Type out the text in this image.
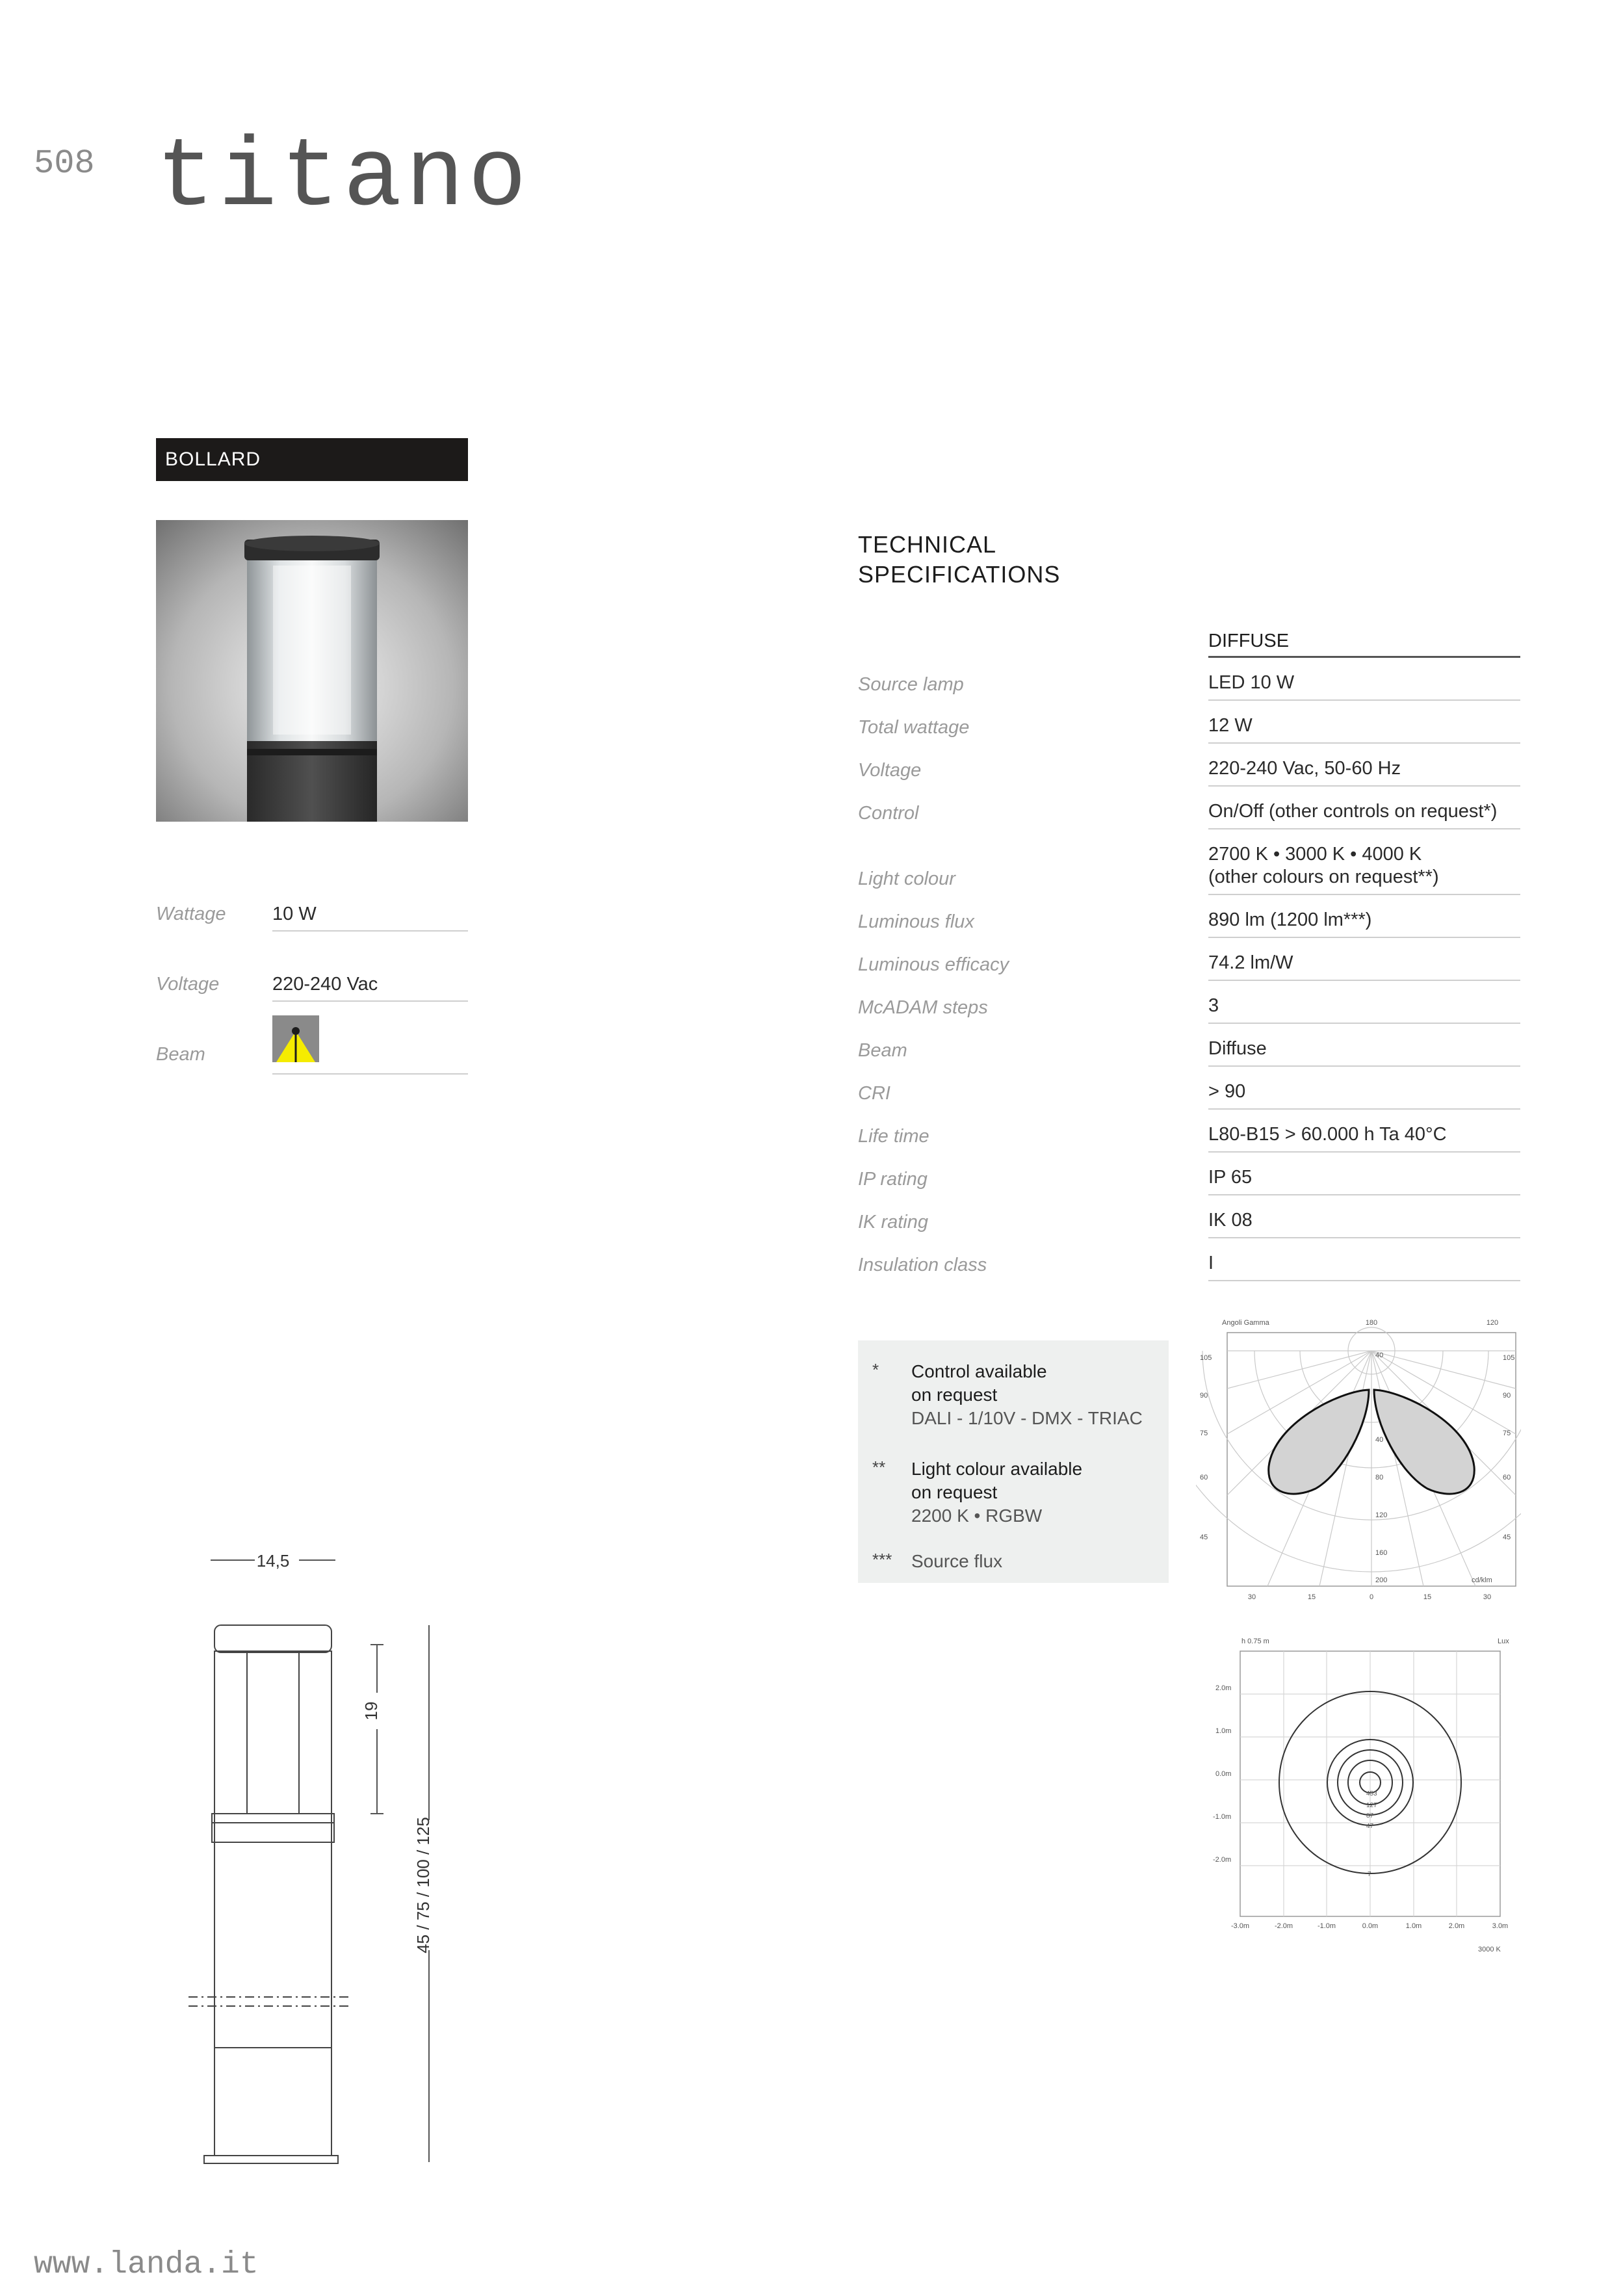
508 titano
BOLLARD
Wattage 10 W
Voltage	220-240 Vac
Beam
TECHNICAL
SPECIFICATIONS
DIFFUSE
Source lamp	LED 10 W
Total wattage	12 W
Voltage	220-240 Vac, 50-60 Hz
Control	On/Off (other controls on request*)
Light colour
2700 K • 3000 K • 4000 K
(other colours on request**)
Luminous flux	890 lm (1200 lm***)
Luminous efficacy	74.2 lm/W
McADAM steps	3
Beam	Diffuse
CRI	> 90
Life time	L80-B15 > 60.000 h Ta 40°C
IP rating	IP 65
IK rating	IK 08
Insulation class	I
* Control available
on request
DALI - 1/10V - DMX - TRIAC
** Light colour available
on request
2200 K • RGBW
*** Source flux
14,5
19
45 / 75 / 100 / 125
Angoli Gamma	180	120
105
90
75
60
45
105
90
75
60
45
40
40
80
120
160
200	cd/klm
30	15	0	15	30
h 0.75 m	Lux
2.0m
1.0m
0.0m
-1.0m
-2.0m
-3.0m	-2.0m	-1.0m	0.0m	1.0m	2.0m	3.0m
453
127
87
47
7
3000 K
www.landa.it
